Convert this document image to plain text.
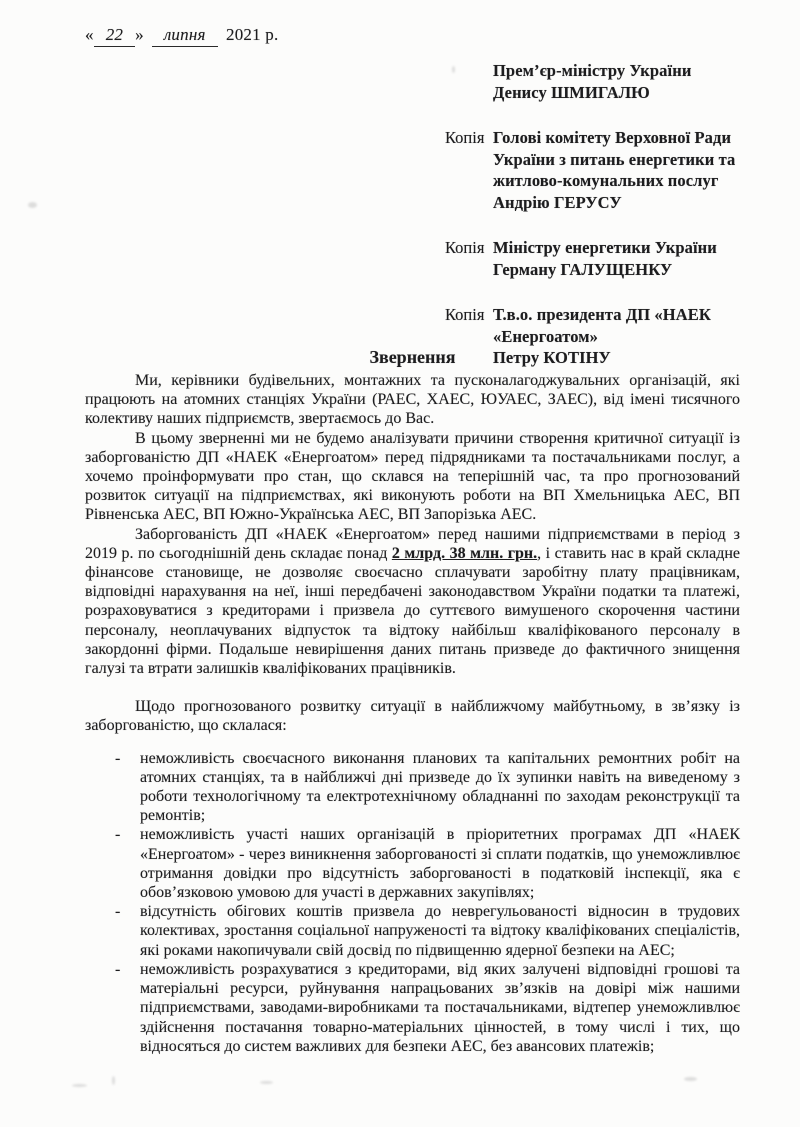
« 22 » липня 2021 р.
Прем’єр-міністру України
Денису ШМИГАЛЮ
Копія Голові комітету Верховної Ради
України з питань енергетики та
житлово-комунальних послуг
Андрію ГЕРУСУ
Копія Міністру енергетики України
Герману ГАЛУЩЕНКУ
Копія Т.в.о. президента ДП «НАЕК
«Енергоатом»
Петру КОТІНУ
Звернення
Ми, керівники будівельних, монтажних та пусконалагоджувальних організацій, які працюють на атомних станціях України (РАЕС, ХАЕС, ЮУАЕС, ЗАЕС), від імені тисячного колективу наших підприємств, звертаємось до Вас.
В цьому зверненні ми не будемо аналізувати причини створення критичної ситуації із заборгованістю ДП «НАЕК «Енергоатом» перед підрядниками та постачальниками послуг, а хочемо проінформувати про стан, що склався на теперішній час, та про прогнозований розвиток ситуації на підприємствах, які виконують роботи на ВП Хмельницька АЕС, ВП Рівненська АЕС, ВП Южно-Українська АЕС, ВП Запорізька АЕС.
Заборгованість ДП «НАЕК «Енергоатом» перед нашими підприємствами в період з 2019 р. по сьогоднішній день складає понад 2 млрд. 38 млн. грн., і ставить нас в край складне фінансове становище, не дозволяє своєчасно сплачувати заробітну плату працівникам, відповідні нарахування на неї, інші передбачені законодавством України податки та платежі, розраховуватися з кредиторами і призвела до суттєвого вимушеного скорочення частини персоналу, неоплачуваних відпусток та відтоку найбільш кваліфікованого персоналу в закордонні фірми. Подальше невирішення даних питань призведе до фактичного знищення галузі та втрати залишків кваліфікованих працівників.
Щодо прогнозованого розвитку ситуації в найближчому майбутньому, в зв’язку із заборгованістю, що склалася:
-	неможливість своєчасного виконання планових та капітальних ремонтних робіт на атомних станціях, та в найближчі дні призведе до їх зупинки навіть на виведеному з роботи технологічному та електротехнічному обладнанні по заходам реконструкції та ремонтів;
-	неможливість участі наших організацій в пріоритетних програмах ДП «НАЕК «Енергоатом» - через виникнення заборгованості зі сплати податків, що унеможливлює отримання довідки про відсутність заборгованості в податковій інспекції, яка є обов’язковою умовою для участі в державних закупівлях;
-	відсутність обігових коштів призвела до неврегульованості відносин в трудових колективах, зростання соціальної напруженості та відтоку кваліфікованих спеціалістів, які роками накопичували свій досвід по підвищенню ядерної безпеки на АЕС;
-	неможливість розрахуватися з кредиторами, від яких залучені відповідні грошові та матеріальні ресурси, руйнування напрацьованих зв’язків на довірі між нашими підприємствами, заводами-виробниками та постачальниками, відтепер унеможливлює здійснення постачання товарно-матеріальних цінностей, в тому числі і тих, що відносяться до систем важливих для безпеки АЕС, без авансових платежів;
